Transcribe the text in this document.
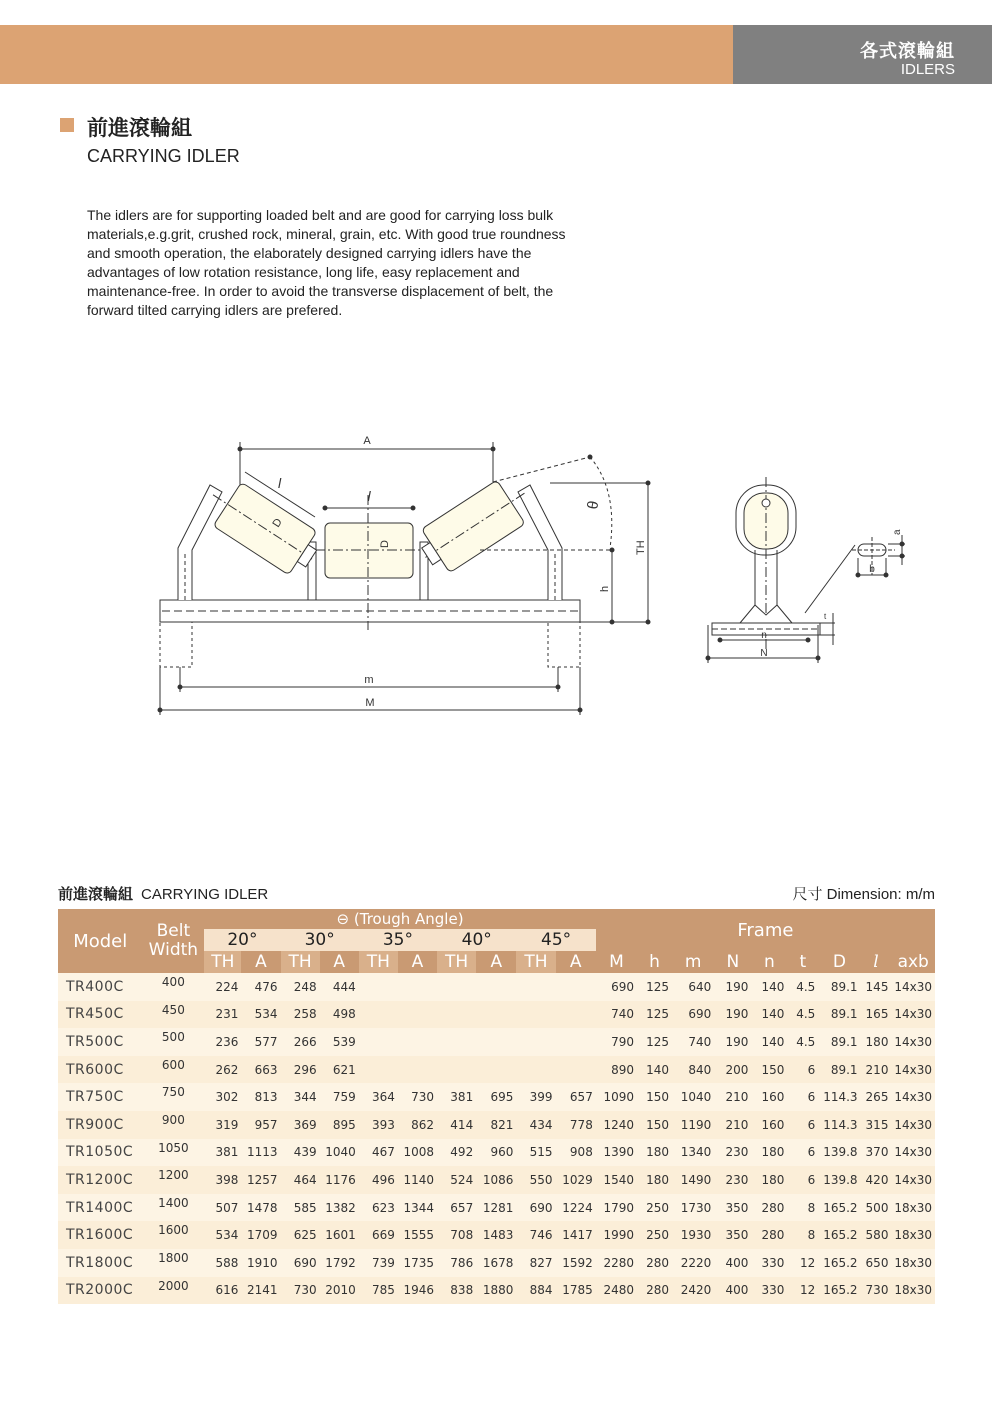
各式滾輪組
IDLERS
前進滾輪組
CARRYING IDLER
The idlers are for supporting loaded belt and are good for carrying loss bulk
materials,e.g.grit, crushed rock, mineral, grain, etc. With good true roundness
and smooth operation, the elaborately designed carrying idlers have the
advantages of low rotation resistance, long life, easy replacement and
maintenance-free. In order to avoid the transverse displacement of belt, the
forward tilted carrying idlers are prefered.
A
D
l
D
l
θ
TH
h
m
M
n
N
t
a
b
前進滾輪組 CARRYING IDLER	尺寸 Dimension: m/m
Model	Belt
Width	⊖ (Trough Angle)										Frame								
		20°		30°		35°		40°		45°										
		TH	A	TH	A	TH	A	TH	A	TH	A	M	h	m	N	n	t	D	l	axb
TR400C	400	224	476	248	444							690	125	640	190	140	4.5	89.1	145	14x30
TR450C	450	231	534	258	498							740	125	690	190	140	4.5	89.1	165	14x30
TR500C	500	236	577	266	539							790	125	740	190	140	4.5	89.1	180	14x30
TR600C	600	262	663	296	621							890	140	840	200	150	6	89.1	210	14x30
TR750C	750	302	813	344	759	364	730	381	695	399	657	1090	150	1040	210	160	6	114.3	265	14x30
TR900C	900	319	957	369	895	393	862	414	821	434	778	1240	150	1190	210	160	6	114.3	315	14x30
TR1050C	1050	381	1113	439	1040	467	1008	492	960	515	908	1390	180	1340	230	180	6	139.8	370	14x30
TR1200C	1200	398	1257	464	1176	496	1140	524	1086	550	1029	1540	180	1490	230	180	6	139.8	420	14x30
TR1400C	1400	507	1478	585	1382	623	1344	657	1281	690	1224	1790	250	1730	350	280	8	165.2	500	18x30
TR1600C	1600	534	1709	625	1601	669	1555	708	1483	746	1417	1990	250	1930	350	280	8	165.2	580	18x30
TR1800C	1800	588	1910	690	1792	739	1735	786	1678	827	1592	2280	280	2220	400	330	12	165.2	650	18x30
TR2000C	2000	616	2141	730	2010	785	1946	838	1880	884	1785	2480	280	2420	400	330	12	165.2	730	18x30
